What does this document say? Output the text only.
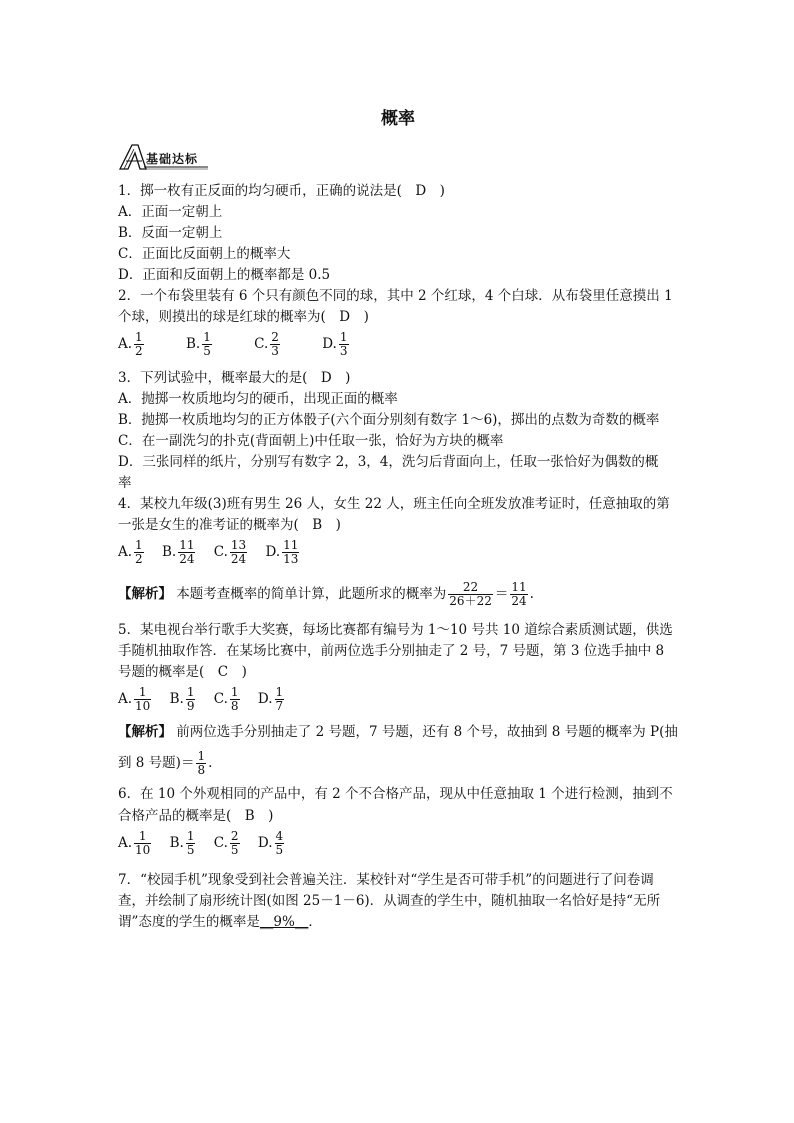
概率
基础达标
1．掷一枚有正反面的均匀硬币，正确的说法是(　D　)
A．正面一定朝上
B．反面一定朝上
C．正面比反面朝上的概率大
D．正面和反面朝上的概率都是 0.5
2．一个布袋里装有 6 个只有颜色不同的球，其中 2 个红球，4 个白球．从布袋里任意摸出 1
个球，则摸出的球是红球的概率为(　D　)
A. $\frac{1}{2}$	B. $\frac{1}{5}$	C. $\frac{2}{3}$	D. $\frac{1}{3}$
3．下列试验中，概率最大的是(　D　)
A．抛掷一枚质地均匀的硬币，出现正面的概率
B．抛掷一枚质地均匀的正方体骰子(六个面分别刻有数字 1～6)，掷出的点数为奇数的概率
C．在一副洗匀的扑克(背面朝上)中任取一张，恰好为方块的概率
D．三张同样的纸片，分别写有数字 2，3，4，洗匀后背面向上，任取一张恰好为偶数的概
率
4．某校九年级(3)班有男生 26 人，女生 22 人，班主任向全班发放准考证时，任意抽取的第
一张是女生的准考证的概率为(　B　)
A. $\frac{1}{2} B$. $\frac{11}{24} C$. $\frac{13}{24} D$. $\frac{11}{13}$
【解析】 本题考查概率的简单计算，此题所求的概率为 $\frac{22}{26+22} = \frac{11}{24}$ .
5．某电视台举行歌手大奖赛，每场比赛都有编号为 1～10 号共 10 道综合素质测试题，供选
手随机抽取作答．在某场比赛中，前两位选手分别抽走了 2 号，7 号题，第 3 位选手抽中 8
号题的概率是(　C　)
A. $\frac{1}{10} B$. $\frac{1}{9} C$. $\frac{1}{8} D$. $\frac{1}{7}$
【解析】 前两位选手分别抽走了 2 号题，7 号题，还有 8 个号，故抽到 8 号题的概率为 P(抽
到 8 号题)＝ $\frac{1}{8}$ .
6．在 10 个外观相同的产品中，有 2 个不合格产品，现从中任意抽取 1 个进行检测，抽到不
合格产品的概率是(　B　)
A. $\frac{1}{10} B$. $\frac{1}{5} C$. $\frac{2}{5} D$. $\frac{4}{5}$
7．“校园手机”现象受到社会普遍关注．某校针对“学生是否可带手机”的问题进行了问卷调
查，并绘制了扇形统计图(如图 25－1－6)．从调查的学生中，随机抽取一名恰好是持“无所
谓”态度的学生的概率是__9%__．
